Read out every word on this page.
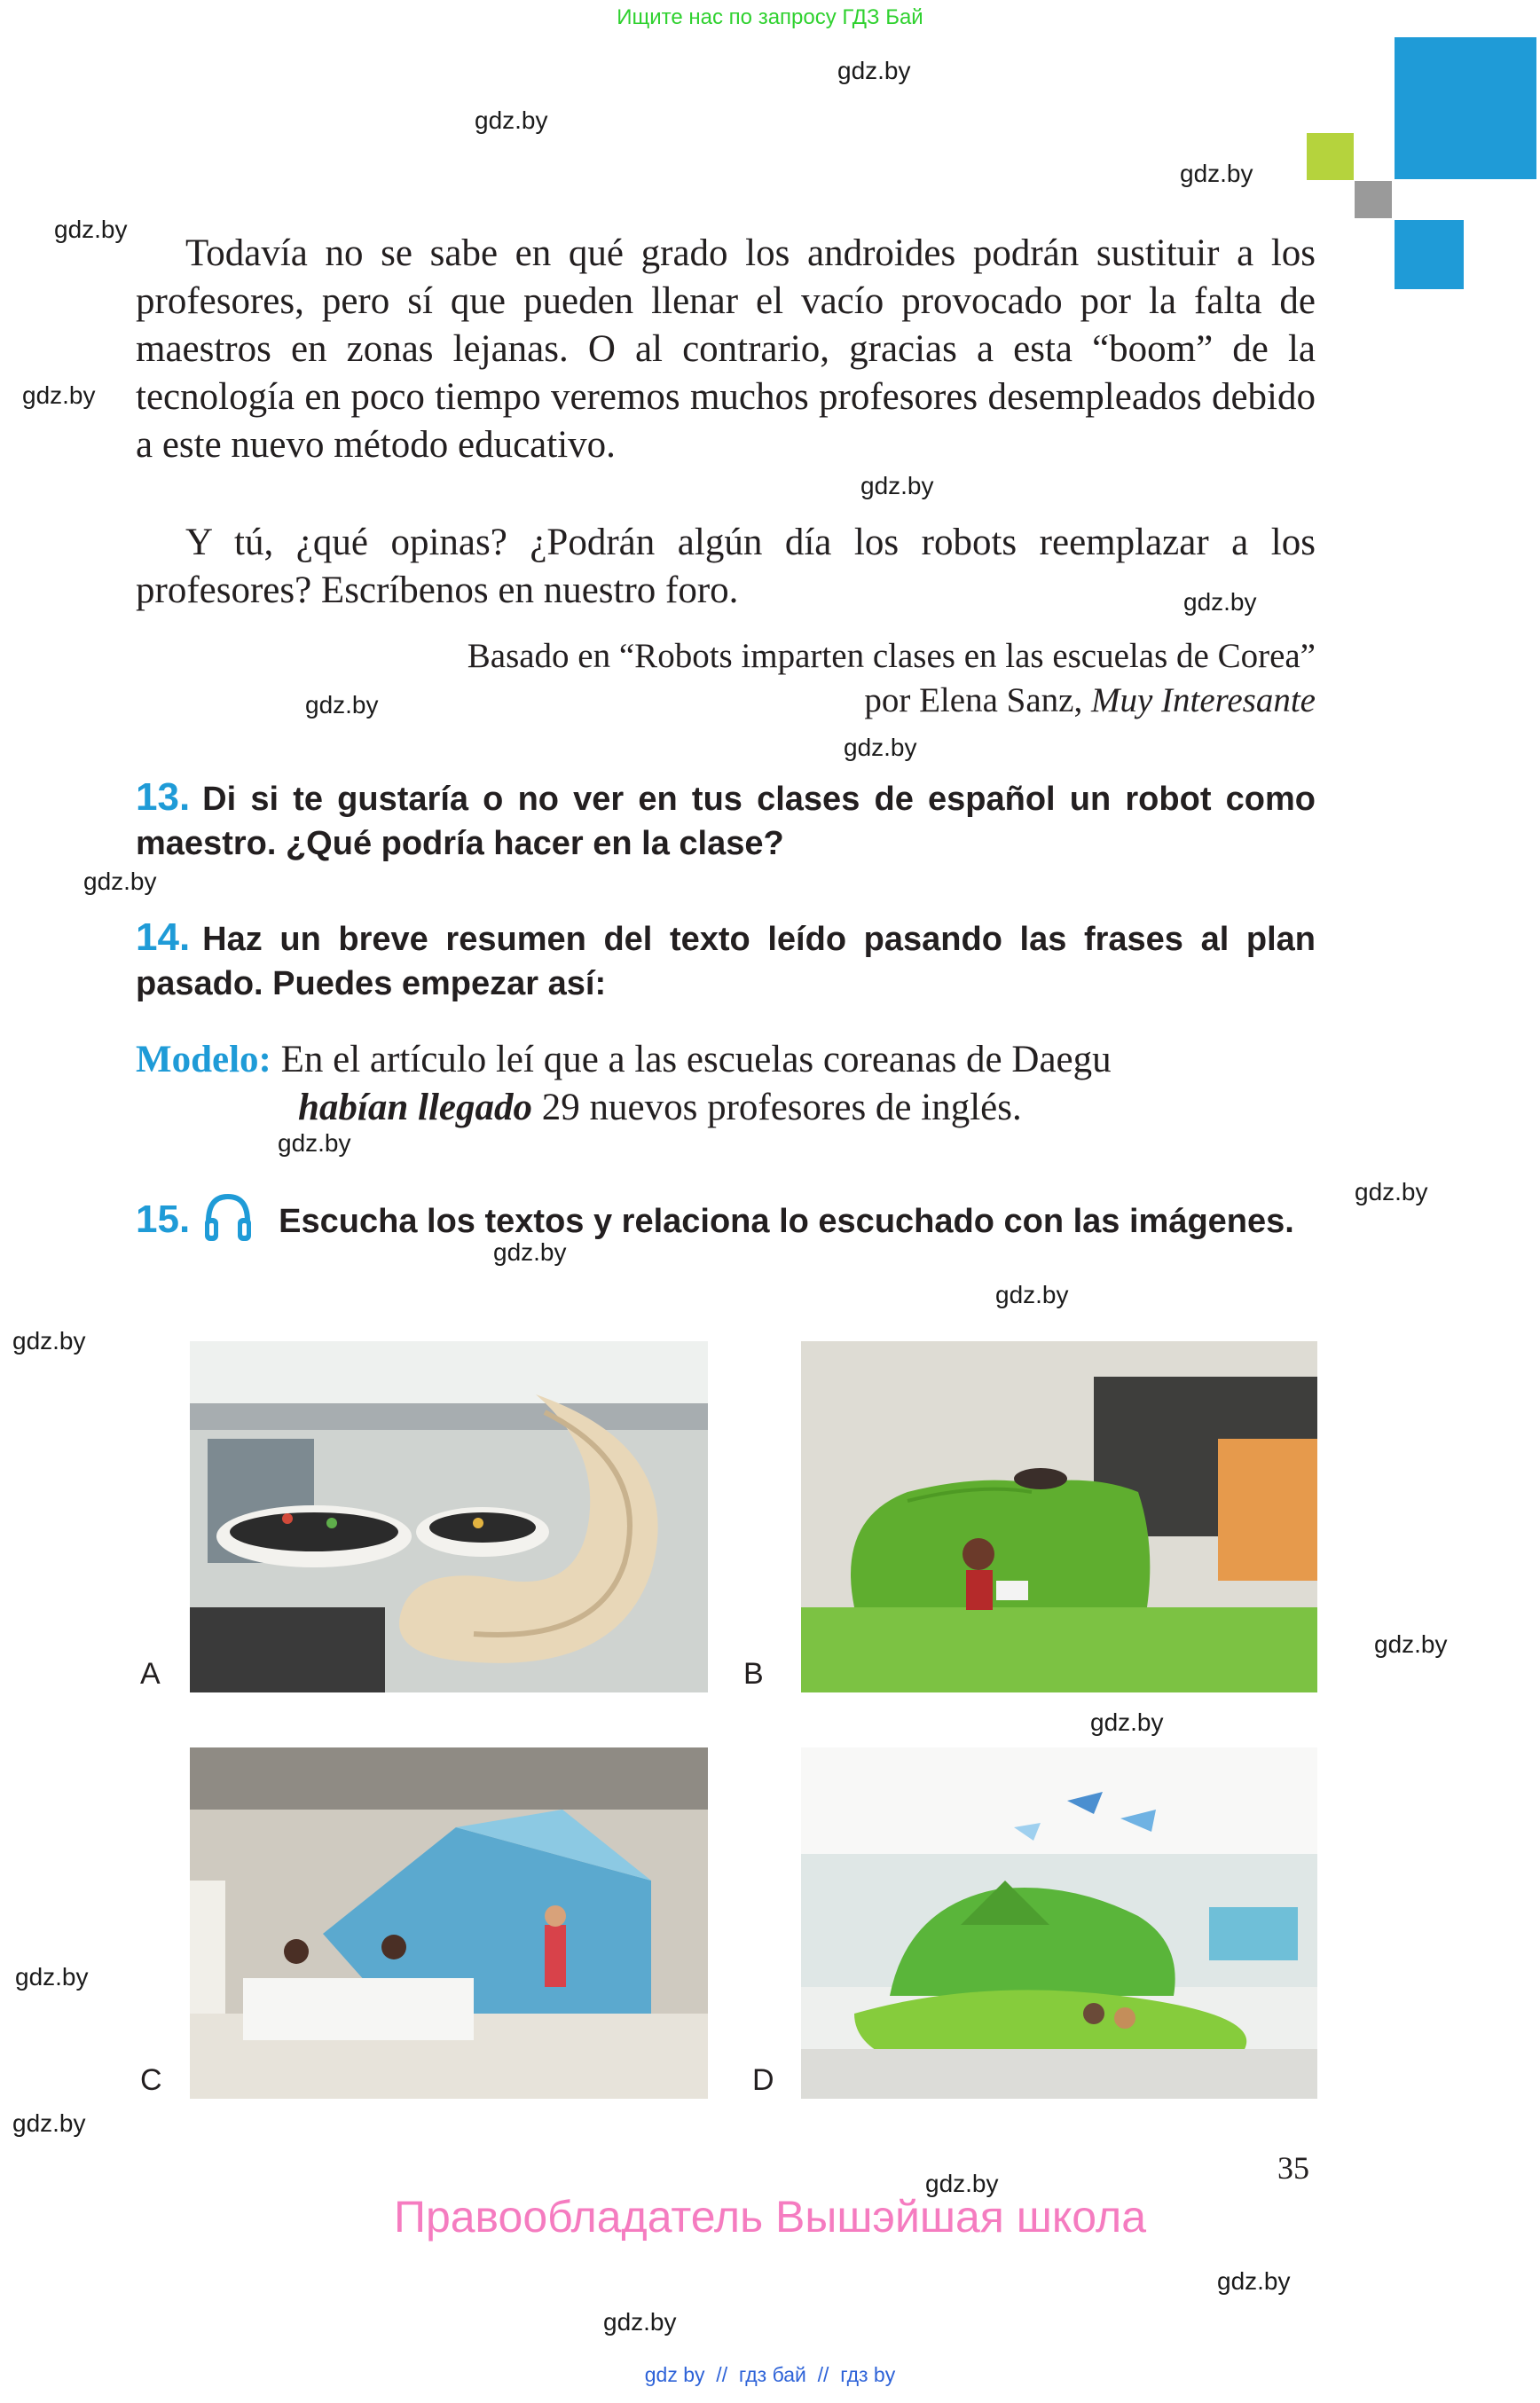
Ищите нас по запросу ГДЗ Бай
gdz.by
gdz.by
gdz.by
gdz.by
gdz.by
gdz.by
gdz.by
gdz.by
gdz.by
gdz.by
gdz.by
gdz.by
gdz.by
gdz.by
gdz.by
gdz.by
gdz.by
gdz.by
gdz.by
gdz.by
gdz.by
gdz.by

Todavía no se sabe en qué grado los androides podrán sustituir a los profesores, pero sí que pueden llenar el vacío provocado por la falta de maestros en zonas lejanas. O al contrario, gracias a esta “boom” de la tecnología en poco tiempo veremos muchos profesores desempleados debido a este nuevo método educativo.

Y tú, ¿qué opinas? ¿Podrán algún día los robots reemplazar a los profesores? Escríbenos en nuestro foro.

Basado en “Robots imparten clases en las escuelas de Corea”
por Elena Sanz, Muy Interesante
13. Di si te gustaría o no ver en tus clases de español un robot como maestro. ¿Qué podría hacer en la clase?
14. Haz un breve resumen del texto leído pasando las frases al plan pasado. Puedes empezar así:
Modelo: En el artículo leí que a las escuelas coreanas de Daegu
habían llegado 29 nuevos profesores de inglés.
15.	Escucha los textos y relaciona lo escuchado con las imágenes.
A	B
C	D
35
Правообладатель Вышэйшая школа
gdz by  //  гдз бай  //  гдз by
